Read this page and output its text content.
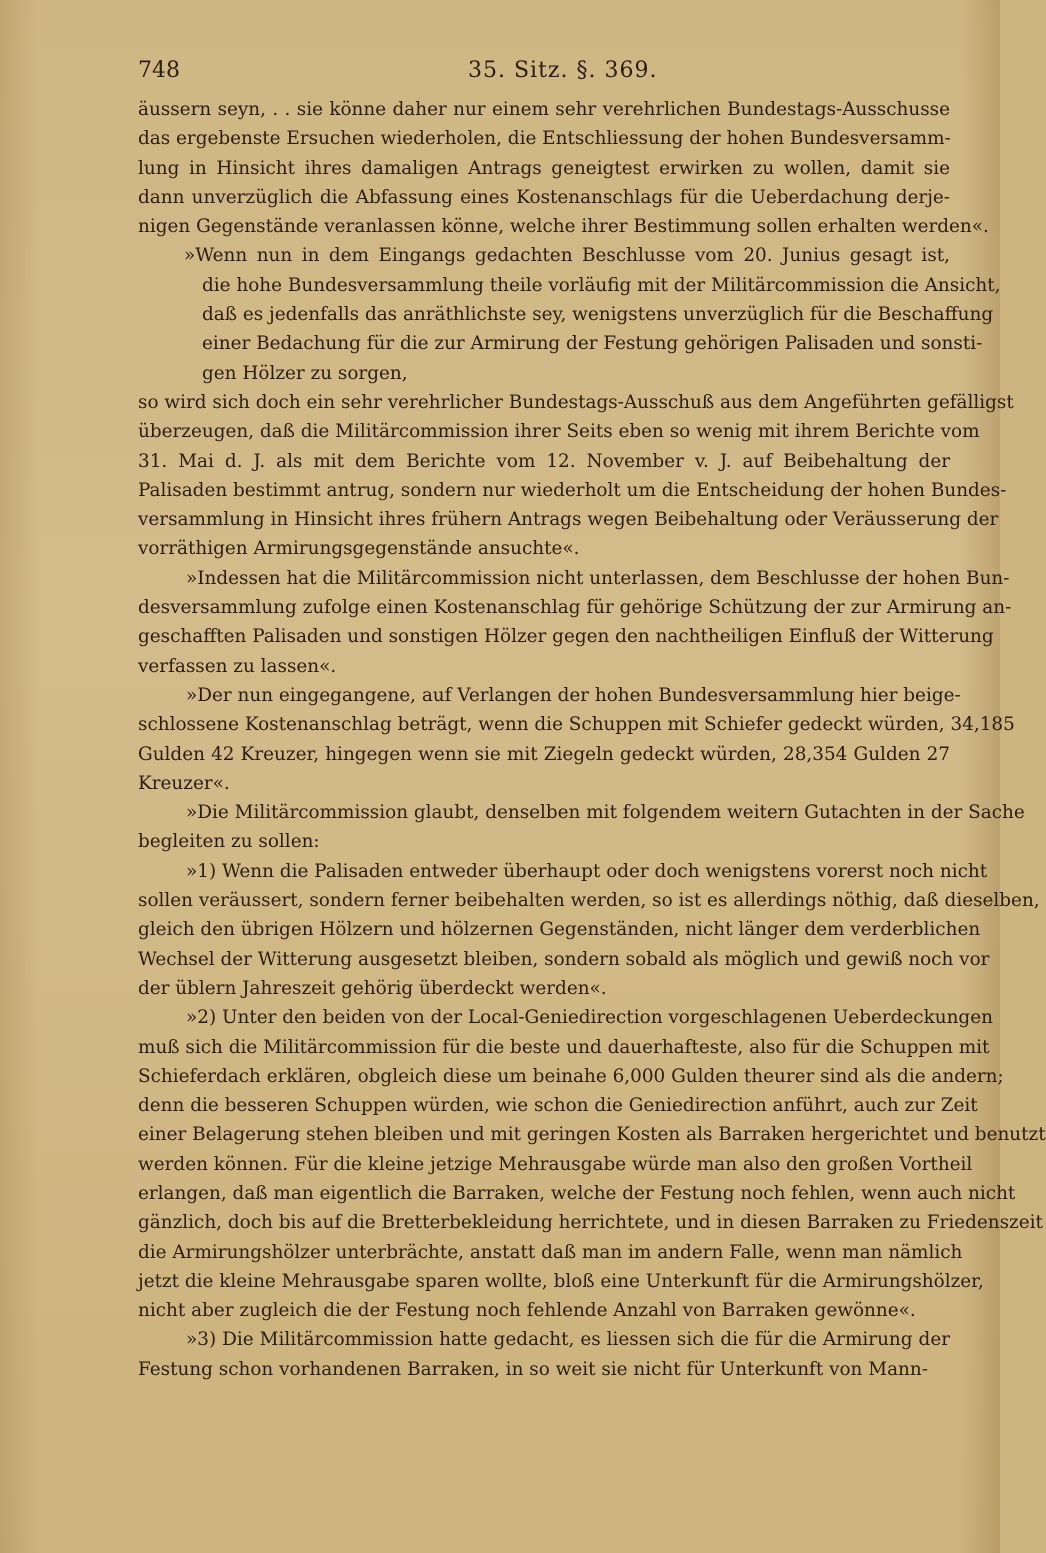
748	35. Sitz. §. 369.
äussern seyn, . . sie könne daher nur einem sehr verehrlichen Bundestags-Ausschusse
das ergebenste Ersuchen wiederholen, die Entschliessung der hohen Bundesversamm-
lung in Hinsicht ihres damaligen Antrags geneigtest erwirken zu wollen, damit sie
dann unverzüglich die Abfassung eines Kostenanschlags für die Ueberdachung derje-
nigen Gegenstände veranlassen könne, welche ihrer Bestimmung sollen erhalten werden«.
»Wenn nun in dem Eingangs gedachten Beschlusse vom 20. Junius gesagt ist,
die hohe Bundesversammlung theile vorläufig mit der Militärcommission die Ansicht,
daß es jedenfalls das anräthlichste sey, wenigstens unverzüglich für die Beschaffung
einer Bedachung für die zur Armirung der Festung gehörigen Palisaden und sonsti-
gen Hölzer zu sorgen,
so wird sich doch ein sehr verehrlicher Bundestags-Ausschuß aus dem Angeführten gefälligst
überzeugen, daß die Militärcommission ihrer Seits eben so wenig mit ihrem Berichte vom
31. Mai d. J. als mit dem Berichte vom 12. November v. J. auf Beibehaltung der
Palisaden bestimmt antrug, sondern nur wiederholt um die Entscheidung der hohen Bundes-
versammlung in Hinsicht ihres frühern Antrags wegen Beibehaltung oder Veräusserung der
vorräthigen Armirungsgegenstände ansuchte«.
»Indessen hat die Militärcommission nicht unterlassen, dem Beschlusse der hohen Bun-
desversammlung zufolge einen Kostenanschlag für gehörige Schützung der zur Armirung an-
geschafften Palisaden und sonstigen Hölzer gegen den nachtheiligen Einfluß der Witterung
verfassen zu lassen«.
»Der nun eingegangene, auf Verlangen der hohen Bundesversammlung hier beige-
schlossene Kostenanschlag beträgt, wenn die Schuppen mit Schiefer gedeckt würden, 34,185
Gulden 42 Kreuzer, hingegen wenn sie mit Ziegeln gedeckt würden, 28,354 Gulden 27
Kreuzer«.
»Die Militärcommission glaubt, denselben mit folgendem weitern Gutachten in der Sache
begleiten zu sollen:
»1) Wenn die Palisaden entweder überhaupt oder doch wenigstens vorerst noch nicht
sollen veräussert, sondern ferner beibehalten werden, so ist es allerdings nöthig, daß dieselben,
gleich den übrigen Hölzern und hölzernen Gegenständen, nicht länger dem verderblichen
Wechsel der Witterung ausgesetzt bleiben, sondern sobald als möglich und gewiß noch vor
der üblern Jahreszeit gehörig überdeckt werden«.
»2) Unter den beiden von der Local-Geniedirection vorgeschlagenen Ueberdeckungen
muß sich die Militärcommission für die beste und dauerhafteste, also für die Schuppen mit
Schieferdach erklären, obgleich diese um beinahe 6,000 Gulden theurer sind als die andern;
denn die besseren Schuppen würden, wie schon die Geniedirection anführt, auch zur Zeit
einer Belagerung stehen bleiben und mit geringen Kosten als Barraken hergerichtet und benutzt
werden können. Für die kleine jetzige Mehrausgabe würde man also den großen Vortheil
erlangen, daß man eigentlich die Barraken, welche der Festung noch fehlen, wenn auch nicht
gänzlich, doch bis auf die Bretterbekleidung herrichtete, und in diesen Barraken zu Friedenszeit
die Armirungshölzer unterbrächte, anstatt daß man im andern Falle, wenn man nämlich
jetzt die kleine Mehrausgabe sparen wollte, bloß eine Unterkunft für die Armirungshölzer,
nicht aber zugleich die der Festung noch fehlende Anzahl von Barraken gewönne«.
»3) Die Militärcommission hatte gedacht, es liessen sich die für die Armirung der
Festung schon vorhandenen Barraken, in so weit sie nicht für Unterkunft von Mann-
